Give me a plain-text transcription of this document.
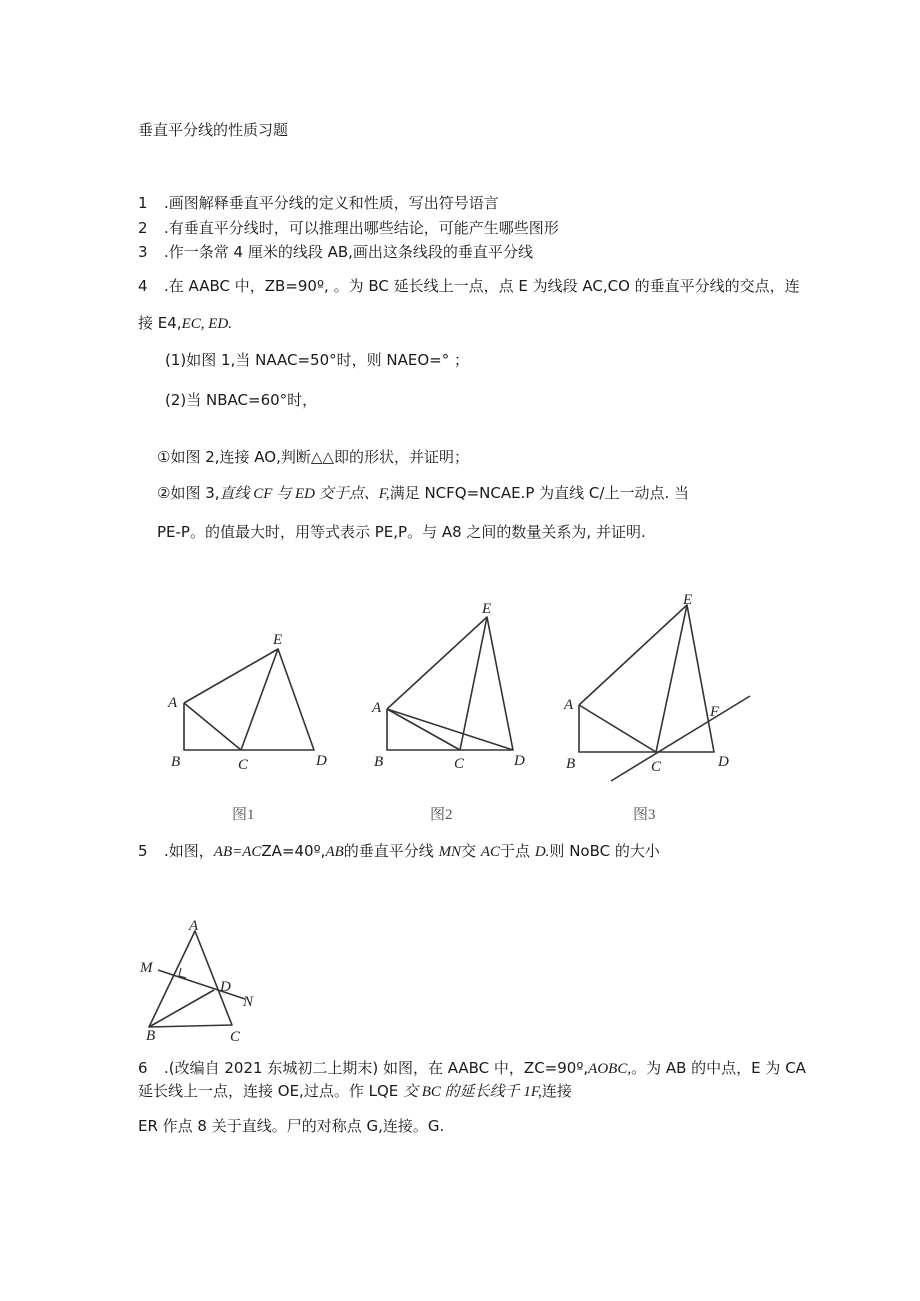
垂直平分线的性质习题
1 .画图解释垂直平分线的定义和性质，写出符号语言
2 .有垂直平分线时，可以推理出哪些结论，可能产生哪些图形
3 .作一条常 4 厘米的线段 AB,画出这条线段的垂直平分线
4 .在 AABC 中，ZB=90º, 。为 BC 延长线上一点，点 E 为线段 AC,CO 的垂直平分线的交点，连
接 E4,EC, ED.
(1)如图 1,当 NAAC=50°时，则 NAEO=° ；
(2)当 NBAC=60°时，
①如图 2,连接 AO,判断△△即的形状，并证明；
②如图 3,直线 CF 与 ED 交于点、F,满足 NCFQ=NCAE.P 为直线 C/上一动点. 当
PE-P。的值最大时，用等式表示 PE,P。与 A8 之间的数量关系为, 并证明.
A
B	C	D
E
A
B	C	D
E
A
B	C	D
E
F
图1	图2	图3
A
M
D
N
B	C
5 .如图，AB=ACZA=40º,AB的垂直平分线 MN交 AC于点 D.则 NoBC 的大小
6 .(改编自 2021 东城初二上期末) 如图，在 AABC 中，ZC=90º,AOBC,。为 AB 的中点，E 为 CA
延长线上一点，连接 OE,过点。作 LQE 交 BC 的延长线千 1F,连接
ER 作点 8 关于直线。尸的对称点 G,连接。G.
